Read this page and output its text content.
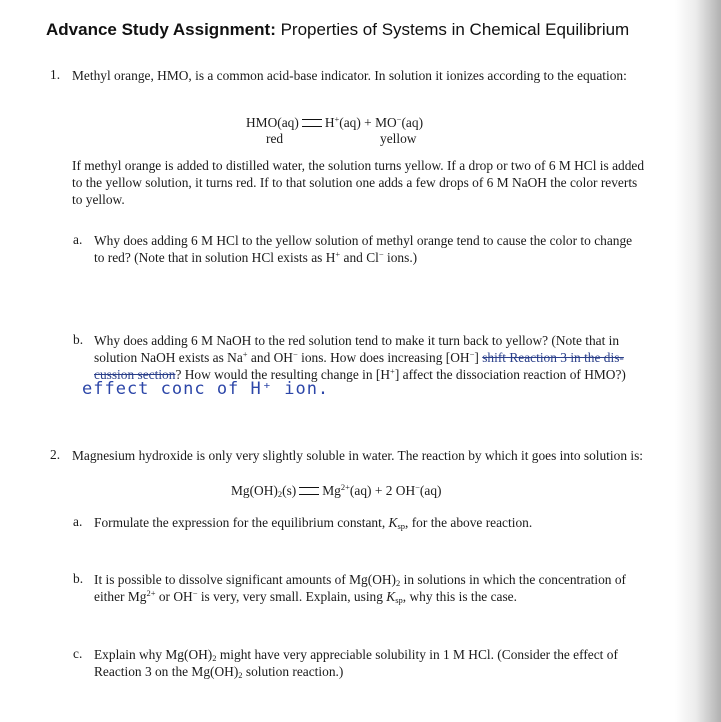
Advance Study Assignment: Properties of Systems in Chemical Equilibrium
1. Methyl orange, HMO, is a common acid-base indicator. In solution it ionizes according to the equation:
HMO(aq) H+(aq) + MO−(aq)
red	yellow
If methyl orange is added to distilled water, the solution turns yellow. If a drop or two of 6 M HCl is added
to the yellow solution, it turns red. If to that solution one adds a few drops of 6 M NaOH the color reverts
to yellow.
a. Why does adding 6 M HCl to the yellow solution of methyl orange tend to cause the color to change
to red? (Note that in solution HCl exists as H+ and Cl− ions.)
b. Why does adding 6 M NaOH to the red solution tend to make it turn back to yellow? (Note that in
solution NaOH exists as Na+ and OH− ions. How does increasing [OH−] shift Reaction 3 in the dis-
cussion section? How would the resulting change in [H+] affect the dissociation reaction of HMO?)
effect conc of H⁺ ion.
2. Magnesium hydroxide is only very slightly soluble in water. The reaction by which it goes into solution is:
$Mg(OH)_2(s) Mg^{2+}(aq) + 2$ OH−(aq)
a. Formulate the expression for the equilibrium constant, $K_{sp}$, for the above reaction.
b. It is possible to dissolve significant amounts of $Mg(OH)_2$ in solutions in which the concentration of
either $Mg^{2+}$ or OH− is very, very small. Explain, using $K_{sp}$, why this is the case.
c. Explain why $Mg(OH)_2$ might have very appreciable solubility in 1 M HCl. (Consider the effect of
Reaction 3 on the $Mg(OH)_2$ solution reaction.)
